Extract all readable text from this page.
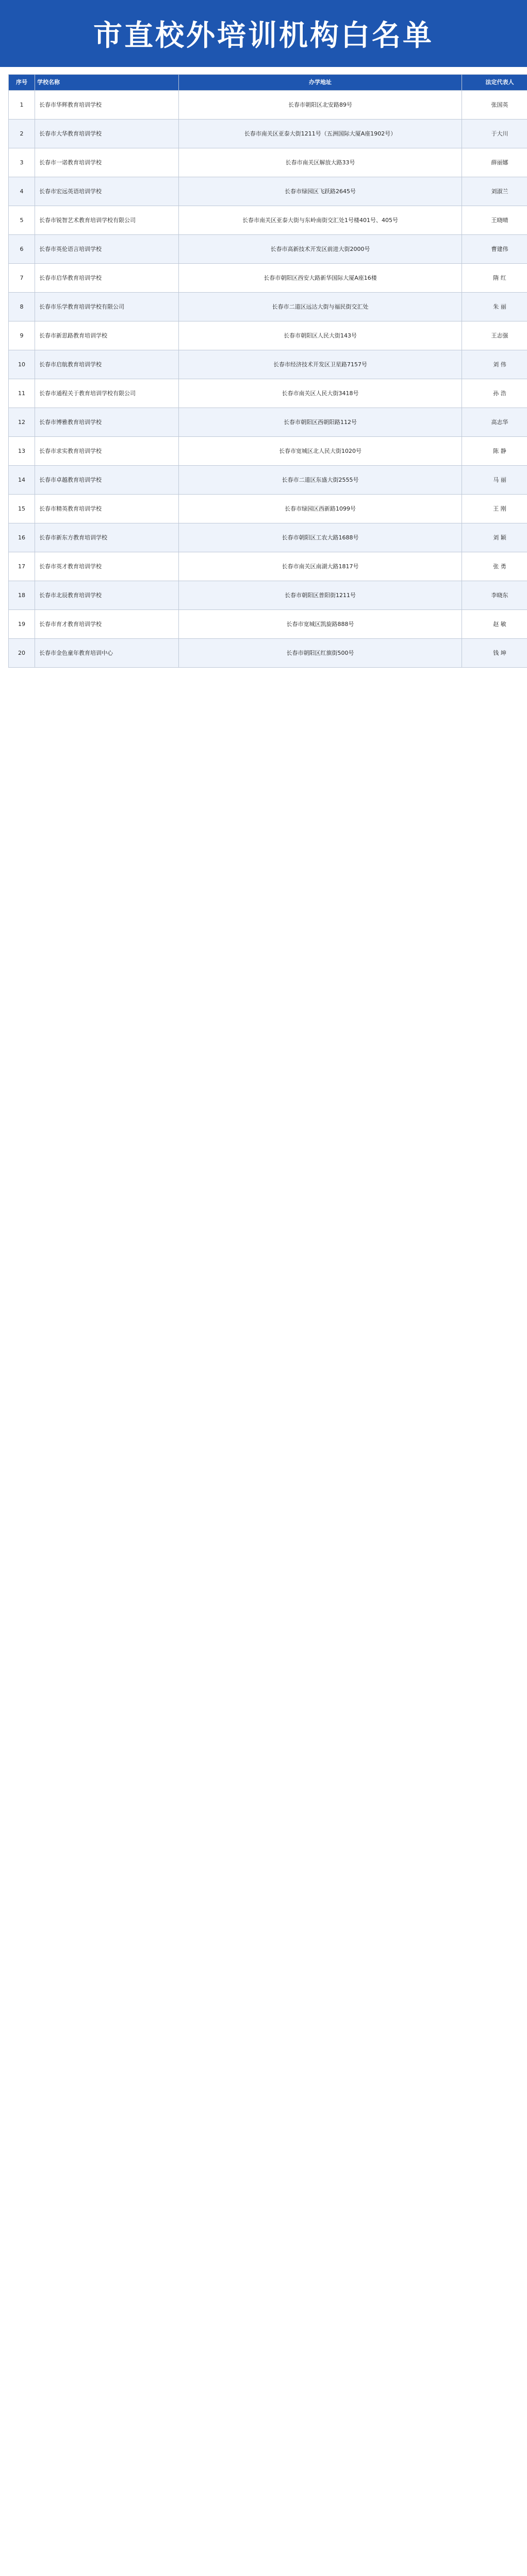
市直校外培训机构白名单
序号	学校名称	办学地址	法定代表人
1	长春市华辉教育培训学校	长春市朝阳区北安路89号	张国英
2	长春市大华教育培训学校	长春市南关区亚泰大街1211号（五洲国际大厦A座1902号）	于大川
3	长春市一诺教育培训学校	长春市南关区解放大路33号	薛丽娜
4	长春市宏远英语培训学校	长春市绿园区飞跃路2645号	刘淑兰
5	长春市锐智艺术教育培训学校有限公司	长春市南关区亚泰大街与东岭南街交汇处1号楼401号、405号	王晓晴
6	长春市英伦语言培训学校	长春市高新技术开发区前进大街2000号	曹建伟
7	长春市启华教育培训学校	长春市朝阳区西安大路新华国际大厦A座16楼	隋 红
8	长春市乐学教育培训学校有限公司	长春市二道区远达大街与福民街交汇处	朱 丽
9	长春市新思路教育培训学校	长春市朝阳区人民大街143号	王志强
10	长春市启航教育培训学校	长春市经济技术开发区卫星路7157号	刘 伟
11	长春市通程关于教育培训学校有限公司	长春市南关区人民大街3418号	孙 浩
12	长春市博雅教育培训学校	长春市朝阳区西朝阳路112号	高志华
13	长春市求实教育培训学校	长春市宽城区北人民大街1020号	陈 静
14	长春市卓越教育培训学校	长春市二道区东盛大街2555号	马 丽
15	长春市精英教育培训学校	长春市绿园区西新路1099号	王 刚
16	长春市新东方教育培训学校	长春市朝阳区工农大路1688号	刘 颖
17	长春市英才教育培训学校	长春市南关区南湖大路1817号	张 勇
18	长春市北辰教育培训学校	长春市朝阳区普阳街1211号	李晓东
19	长春市育才教育培训学校	长春市宽城区凯旋路888号	赵 敏
20	长春市金色童年教育培训中心	长春市朝阳区红旗街500号	钱 坤
